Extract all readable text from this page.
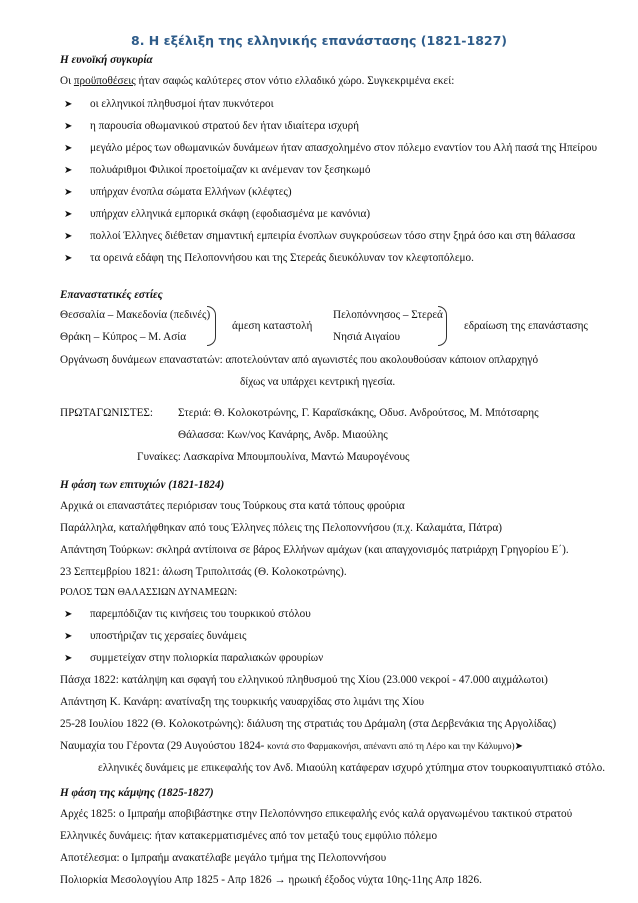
8. Η εξέλιξη της ελληνικής επανάστασης (1821-1827)
Η ευνοϊκή συγκυρία
Οι προϋποθέσεις ήταν σαφώς καλύτερες στον νότιο ελλαδικό χώρο. Συγκεκριμένα εκεί:
➤ οι ελληνικοί πληθυσμοί ήταν πυκνότεροι
➤ η παρουσία οθωμανικού στρατού δεν ήταν ιδιαίτερα ισχυρή
➤ μεγάλο μέρος των οθωμανικών δυνάμεων ήταν απασχολημένο στον πόλεμο εναντίον του Αλή πασά της Ηπείρου
➤ πολυάριθμοι Φιλικοί προετοίμαζαν κι ανέμεναν τον ξεσηκωμό
➤ υπήρχαν ένοπλα σώματα Ελλήνων (κλέφτες)
➤ υπήρχαν ελληνικά εμπορικά σκάφη (εφοδιασμένα με κανόνια)
➤ πολλοί Έλληνες διέθεταν σημαντική εμπειρία ένοπλων συγκρούσεων τόσο στην ξηρά όσο και στη θάλασσα
➤ τα ορεινά εδάφη της Πελοποννήσου και της Στερεάς διευκόλυναν τον κλεφτοπόλεμο.
Επαναστατικές εστίες
Θεσσαλία – Μακεδονία (πεδινές)
Θράκη – Κύπρος – Μ. Ασία
άμεση καταστολή
Πελοπόννησος – Στερεά
Νησιά Αιγαίου
εδραίωση της επανάστασης
Οργάνωση δυνάμεων επαναστατών: αποτελούνταν από αγωνιστές που ακολουθούσαν κάποιον οπλαρχηγό
δίχως να υπάρχει κεντρική ηγεσία.
ΠΡΩΤΑΓΩΝΙΣΤΕΣ: Στεριά: Θ. Κολοκοτρώνης, Γ. Καραϊσκάκης, Οδυσ. Ανδρούτσος, Μ. Μπότσαρης
Θάλασσα: Κων/νος Κανάρης, Ανδρ. Μιαούλης
Γυναίκες: Λασκαρίνα Μπουμπουλίνα, Μαντώ Μαυρογένους
Η φάση των επιτυχιών (1821-1824)
Αρχικά οι επαναστάτες περιόρισαν τους Τούρκους στα κατά τόπους φρούρια
Παράλληλα, καταλήφθηκαν από τους Έλληνες πόλεις της Πελοποννήσου (π.χ. Καλαμάτα, Πάτρα)
Απάντηση Τούρκων: σκληρά αντίποινα σε βάρος Ελλήνων αμάχων (και απαγχονισμός πατριάρχη Γρηγορίου Ε΄).
23 Σεπτεμβρίου 1821: άλωση Τριπολιτσάς (Θ. Κολοκοτρώνης).
ΡΟΛΟΣ ΤΩΝ ΘΑΛΑΣΣΙΩΝ ΔΥΝΑΜΕΩΝ:
➤ παρεμπόδιζαν τις κινήσεις του τουρκικού στόλου
➤ υποστήριζαν τις χερσαίες δυνάμεις
➤ συμμετείχαν στην πολιορκία παραλιακών φρουρίων
Πάσχα 1822: κατάληψη και σφαγή του ελληνικού πληθυσμού της Χίου (23.000 νεκροί - 47.000 αιχμάλωτοι)
Απάντηση Κ. Κανάρη: ανατίναξη της τουρκικής ναυαρχίδας στο λιμάνι της Χίου
25-28 Ιουλίου 1822 (Θ. Κολοκοτρώνης): διάλυση της στρατιάς του Δράμαλη (στα Δερβενάκια της Αργολίδας)
Ναυμαχία του Γέροντα (29 Αυγούστου 1824- κοντά στο Φαρμακονήσι, απέναντι από τη Λέρο και την Κάλυμνο)➤
ελληνικές δυνάμεις με επικεφαλής τον Ανδ. Μιαούλη κατάφεραν ισχυρό χτύπημα στον τουρκοαιγυπτιακό στόλο.
Η φάση της κάμψης (1825-1827)
Αρχές 1825: ο Ιμπραήμ αποβιβάστηκε στην Πελοπόννησο επικεφαλής ενός καλά οργανωμένου τακτικού στρατού
Ελληνικές δυνάμεις: ήταν κατακερματισμένες από τον μεταξύ τους εμφύλιο πόλεμο
Αποτέλεσμα: ο Ιμπραήμ ανακατέλαβε μεγάλο τμήμα της Πελοποννήσου
Πολιορκία Μεσολογγίου Απρ 1825 - Απρ 1826 → ηρωική έξοδος νύχτα 10ης-11ης Απρ 1826.
